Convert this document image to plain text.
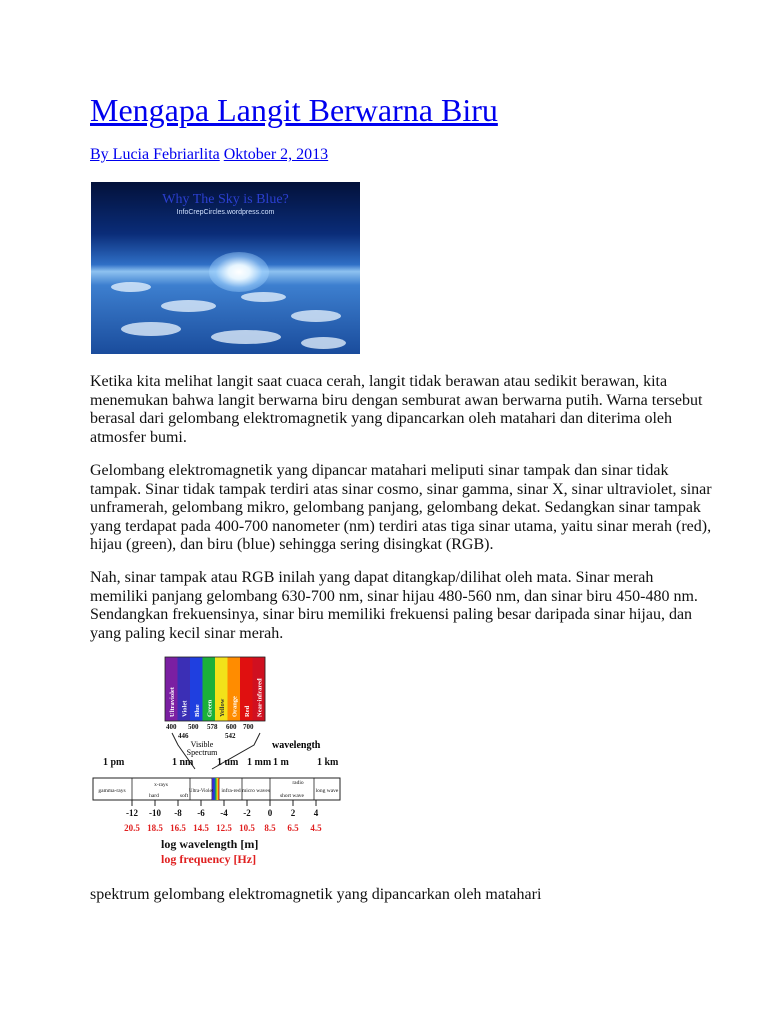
Mengapa Langit Berwarna Biru
By Lucia Febriarlita Oktober 2, 2013
Why The Sky is Blue?
InfoCrepCircles.wordpress.com

Ketika kita melihat langit saat cuaca cerah, langit tidak berawan atau sedikit berawan, kita
menemukan bahwa langit berwarna biru dengan semburat awan berwarna putih. Warna tersebut
berasal dari gelombang elektromagnetik yang dipancarkan oleh matahari dan diterima oleh
atmosfer bumi.

Gelombang elektromagnetik yang dipancar matahari meliputi sinar tampak dan sinar tidak
tampak. Sinar tidak tampak terdiri atas sinar cosmo, sinar gamma, sinar X, sinar ultraviolet, sinar
unframerah, gelombang mikro, gelombang panjang, gelombang dekat. Sedangkan sinar tampak
yang terdapat pada 400-700 nanometer (nm) terdiri atas tiga sinar utama, yaitu sinar merah (red),
hijau (green), dan biru (blue) sehingga sering disingkat (RGB).

Nah, sinar tampak atau RGB inilah yang dapat ditangkap/dilihat oleh mata. Sinar merah
memiliki panjang gelombang 630-700 nm, sinar hijau 480-560 nm, dan sinar biru 450-480 nm.
Sendangkan frekuensinya, sinar biru memiliki frekuensi paling besar daripada sinar hijau, dan
yang paling kecil sinar merah.

Ultraviolet Violet Blue Green Yellow Orange Red Near-infrared
400 500 578 600 700
446	542
Visible
Spectrum
wavelength
1 pm	1 nm 1 um 1 mm 1 m	1 km
gamma-rays
x-rays
hard	soft
Ultra-Violet infra-red micro waves
radio
short wave
long wave
-12 -10 -8 -6 -4 -2 0 2 4
20.5 18.5 16.5 14.5 12.5 10.5 8.5 6.5 4.5
log wavelength [m]
log frequency [Hz]
spektrum gelombang elektromagnetik yang dipancarkan oleh matahari
